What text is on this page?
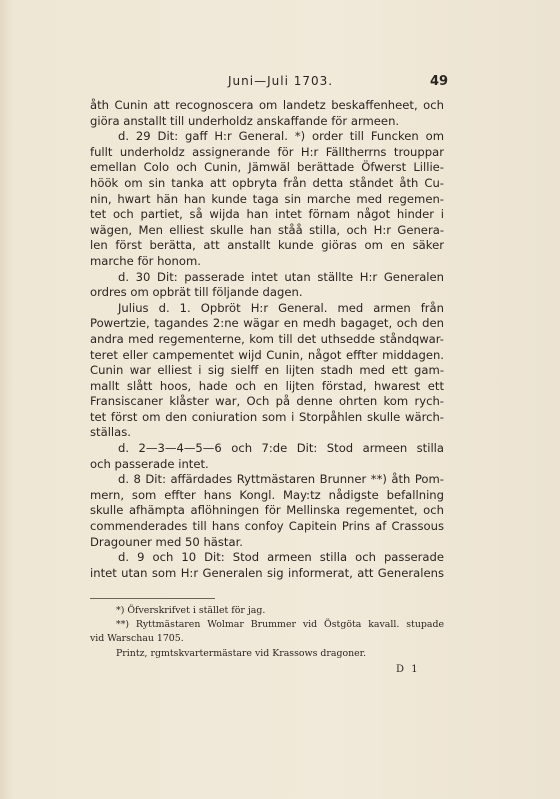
Juni—Juli 1703.	49
åth Cunin att recognoscera om landetz beskaffenheet, och
giöra anstallt till underholdz anskaffande för armeen.
d. 29 Dit: gaff H:r General. *) order till Funcken om
fullt underholdz assignerande för H:r Fälltherrns trouppar
emellan Colo och Cunin, Jämwäl berättade Öfwerst Lillie-
höök om sin tanka att opbryta från detta ståndet åth Cu-
nin, hwart hän han kunde taga sin marche med regemen-
tet och partiet, så wijda han intet förnam något hinder i
wägen, Men elliest skulle han ståå stilla, och H:r Genera-
len först berätta, att anstallt kunde giöras om en säker
marche för honom.
d. 30 Dit: passerade intet utan ställte H:r Generalen
ordres om opbrät till följande dagen.
Julius d. 1. Opbröt H:r General. med armen från
Powertzie, tagandes 2:ne wägar en medh bagaget, och den
andra med regementerne, kom till det uthsedde ståndqwar-
teret eller campementet wijd Cunin, något effter middagen.
Cunin war elliest i sig sielff en lijten stadh med ett gam-
mallt slått hoos, hade och en lijten förstad, hwarest ett
Fransiscaner klåster war, Och på denne ohrten kom rych-
tet först om den coniuration som i Storpåhlen skulle wärch-
ställas.
d. 2—3—4—5—6 och 7:de Dit: Stod armeen stilla
och passerade intet.
d. 8 Dit: affärdades Ryttmästaren Brunner **) åth Pom-
mern, som effter hans Kongl. May:tz nådigste befallning
skulle afhämpta aflöhningen för Mellinska regementet, och
commenderades till hans confoy Capitein Prins af Crassous
Dragouner med 50 hästar.
d. 9 och 10 Dit: Stod armeen stilla och passerade
intet utan som H:r Generalen sig informerat, att Generalens
*) Öfverskrifvet i stället för jag.
**) Ryttmästaren Wolmar Brummer vid Östgöta kavall. stupade
vid Warschau 1705.
Printz, rgmtskvartermästare vid Krassows dragoner.
D 1
